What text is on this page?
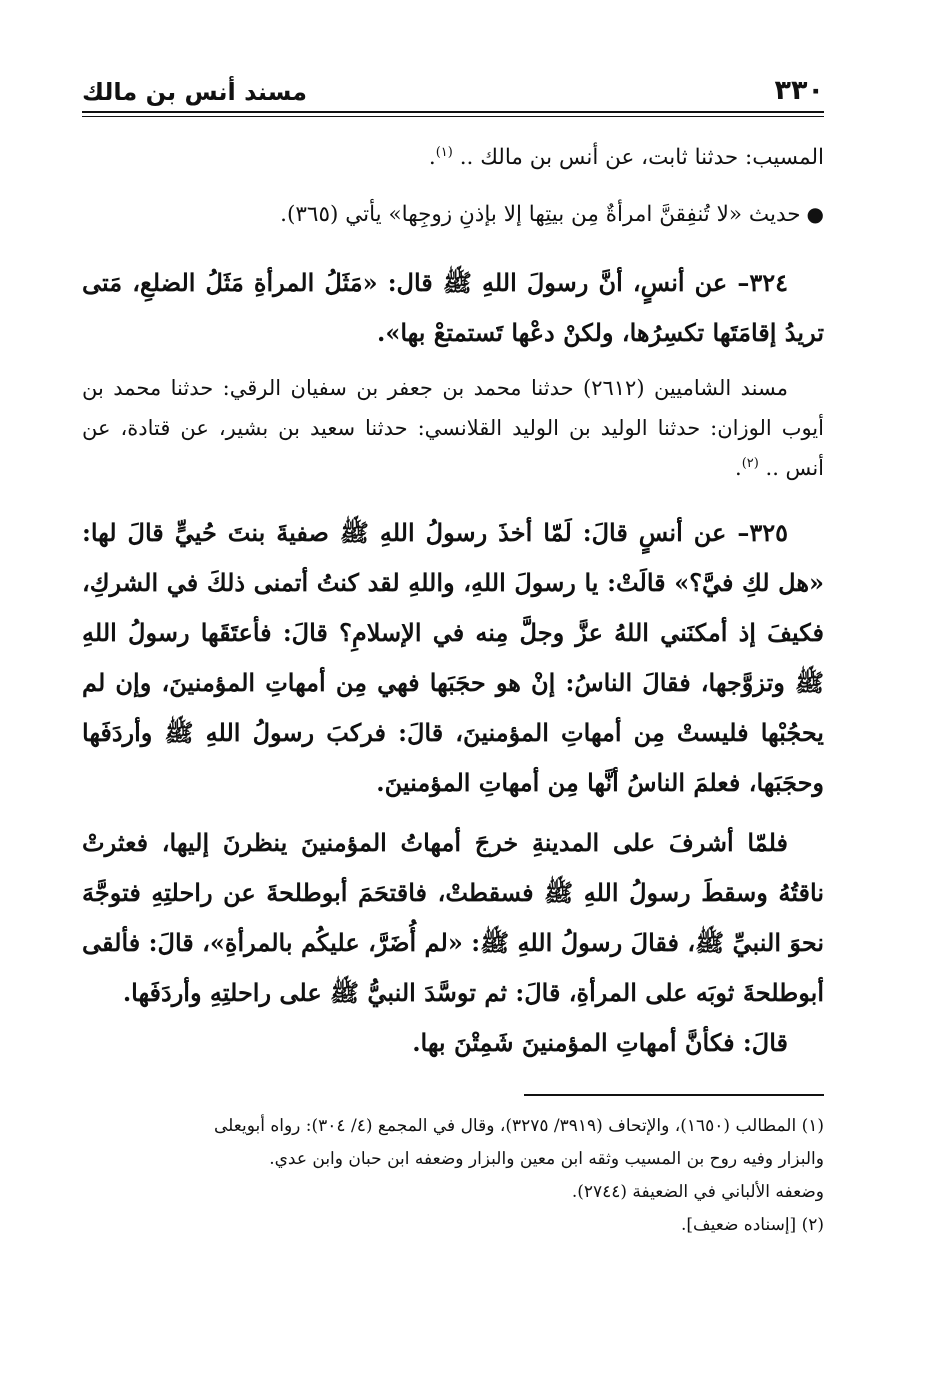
٣٣٠
مسند أنس بن مالك

المسيب: حدثنا ثابت، عن أنس بن مالك .. $^{(١)}$.

●حديث «لا تُنفِقنَّ امرأةٌ مِن بيتِها إلا بإذنِ زوجِها» يأتي (٣٦٥).

٣٢٤– عن أنسٍ، أنَّ رسولَ اللهِ ﷺ قال: «مَثَلُ المرأةِ مَثَلُ الضلعِ، مَتى تريدُ إقامَتَها تكسِرُها، ولكنْ دعْها تَستمتعْ بها».

مسند الشاميين (٢٦١٢) حدثنا محمد بن جعفر بن سفيان الرقي: حدثنا محمد بن أيوب الوزان: حدثنا الوليد بن الوليد القلانسي: حدثنا سعيد بن بشير، عن قتادة، عن أنس .. $^{(٢)}$.

٣٢٥– عن أنسٍ قالَ: لَمّا أخذَ رسولُ اللهِ ﷺ صفيةَ بنتَ حُييٍّ قالَ لها: «هل لكِ فيَّ؟» قالَتْ: يا رسولَ اللهِ، واللهِ لقد كنتُ أتمنى ذلكَ في الشركِ، فكيفَ إذ أمكنَني اللهُ عزَّ وجلَّ مِنه في الإسلامِ؟ قالَ: فأعتَقَها رسولُ اللهِ ﷺ وتزوَّجها، فقالَ الناسُ: إنْ هو حجَبَها فهي مِن أمهاتِ المؤمنينَ، وإن لم يحجُبْها فليستْ مِن أمهاتِ المؤمنينَ، قالَ: فركبَ رسولُ اللهِ ﷺ وأردَفَها وحجَبَها، فعلمَ الناسُ أنَّها مِن أمهاتِ المؤمنينَ.

فلمّا أشرفَ على المدينةِ خرجَ أمهاتُ المؤمنينَ ينظرنَ إليها، فعثرتْ ناقتُهُ وسقطَ رسولُ اللهِ ﷺ فسقطتْ، فاقتحَمَ أبوطلحةَ عن راحلتِهِ فتوجَّهَ نحوَ النبيِّ ﷺ، فقالَ رسولُ اللهِ ﷺ: «لم أُضَرَّ، عليكُم بالمرأةِ»، قالَ: فألقى أبوطلحةَ ثوبَه على المرأةِ، قالَ: ثم توسَّدَ النبيُّ ﷺ على راحلتِهِ وأردَفَها.

قالَ: فكأنَّ أمهاتِ المؤمنينَ شَمِتْنَ بها.

(١) المطالب (١٦٥٠)، والإتحاف (٣٩١٩/ ٣٢٧٥)، وقال في المجمع (٤/ ٣٠٤): رواه أبويعلى

والبزار وفيه روح بن المسيب وثقه ابن معين والبزار وضعفه ابن حبان وابن عدي.

وضعفه الألباني في الضعيفة (٢٧٤٤).

(٢) [إسناده ضعيف].
